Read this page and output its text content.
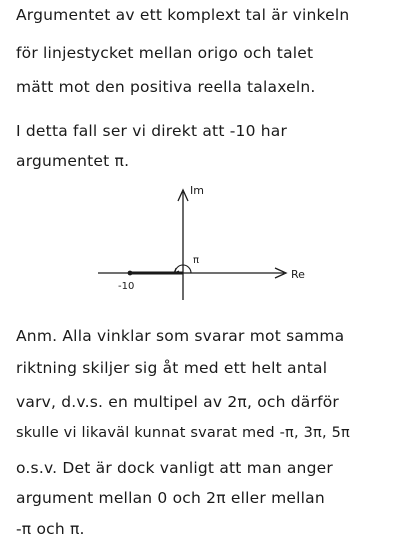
Argumentet av ett komplext tal är vinkeln
för linjestycket mellan origo och talet
mätt mot den positiva reella talaxeln.
I detta fall ser vi direkt att -10 har
argumentet π.
Im
Re
-10
π
Anm. Alla vinklar som svarar mot samma
riktning skiljer sig åt med ett helt antal
varv, d.v.s. en multipel av 2π, och därför
skulle vi likaväl kunnat svarat med -π, 3π, 5π
o.s.v. Det är dock vanligt att man anger
argument mellan 0 och 2π eller mellan
-π och π.
